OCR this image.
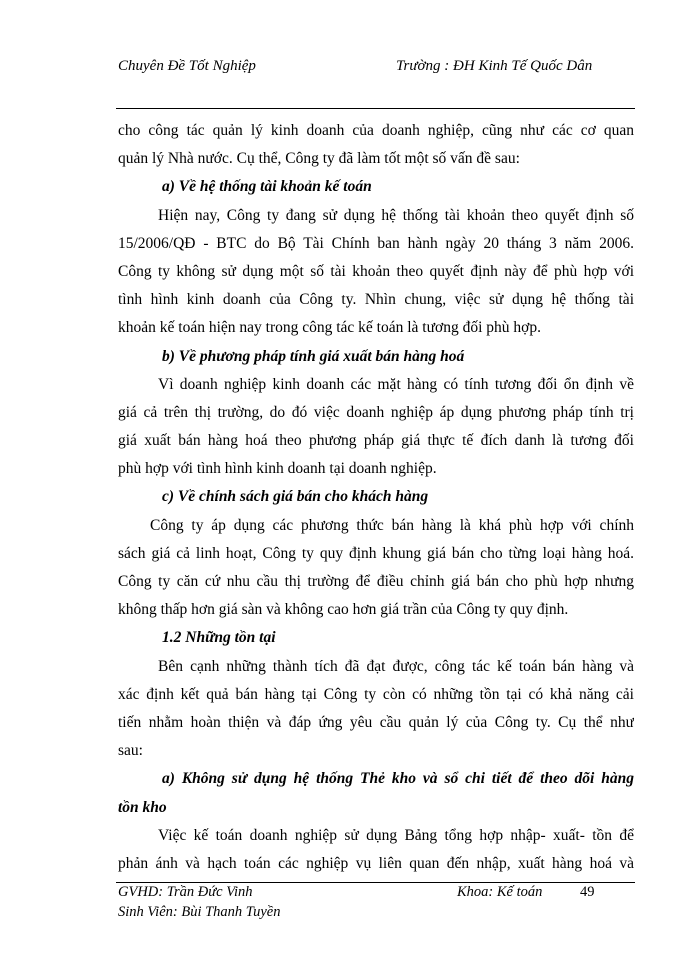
Chuyên Đề Tốt Nghiệp	Trường : ĐH Kinh Tế Quốc Dân
cho công tác quản lý kinh doanh của doanh nghiệp, cũng như các cơ quan
quản lý Nhà nước. Cụ thể, Công ty đã làm tốt một số vấn đề sau:
a) Về hệ thống tài khoản kế toán
Hiện nay, Công ty đang sử dụng hệ thống tài khoản theo quyết định số
15/2006/QĐ - BTC do Bộ Tài Chính ban hành ngày 20 tháng 3 năm 2006.
Công ty không sử dụng một số tài khoản theo quyết định này để phù hợp với
tình hình kinh doanh của Công ty. Nhìn chung, việc sử dụng hệ thống tài
khoản kế toán hiện nay trong công tác kế toán là tương đối phù hợp.
b) Về phương pháp tính giá xuất bán hàng hoá
Vì doanh nghiệp kinh doanh các mặt hàng có tính tương đối ổn định về
giá cả trên thị trường, do đó việc doanh nghiệp áp dụng phương pháp tính trị
giá xuất bán hàng hoá theo phương pháp giá thực tế đích danh là tương đối
phù hợp với tình hình kinh doanh tại doanh nghiệp.
c) Về chính sách giá bán cho khách hàng
Công ty áp dụng các phương thức bán hàng là khá phù hợp với chính
sách giá cả linh hoạt, Công ty quy định khung giá bán cho từng loại hàng hoá.
Công ty căn cứ nhu cầu thị trường để điều chỉnh giá bán cho phù hợp nhưng
không thấp hơn giá sàn và không cao hơn giá trần của Công ty quy định.
1.2 Những tồn tại
Bên cạnh những thành tích đã đạt được, công tác kế toán bán hàng và
xác định kết quả bán hàng tại Công ty còn có những tồn tại có khả năng cải
tiến nhằm hoàn thiện và đáp ứng yêu cầu quản lý của Công ty. Cụ thể như
sau:
a) Không sử dụng hệ thống Thẻ kho và sổ chi tiết để theo dõi hàng
tồn kho
Việc kế toán doanh nghiệp sử dụng Bảng tổng hợp nhập- xuất- tồn để
phản ánh và hạch toán các nghiệp vụ liên quan đến nhập, xuất hàng hoá và
GVHD: Trần Đức Vinh	Khoa: Kế toán	49
Sinh Viên: Bùi Thanh Tuyền
